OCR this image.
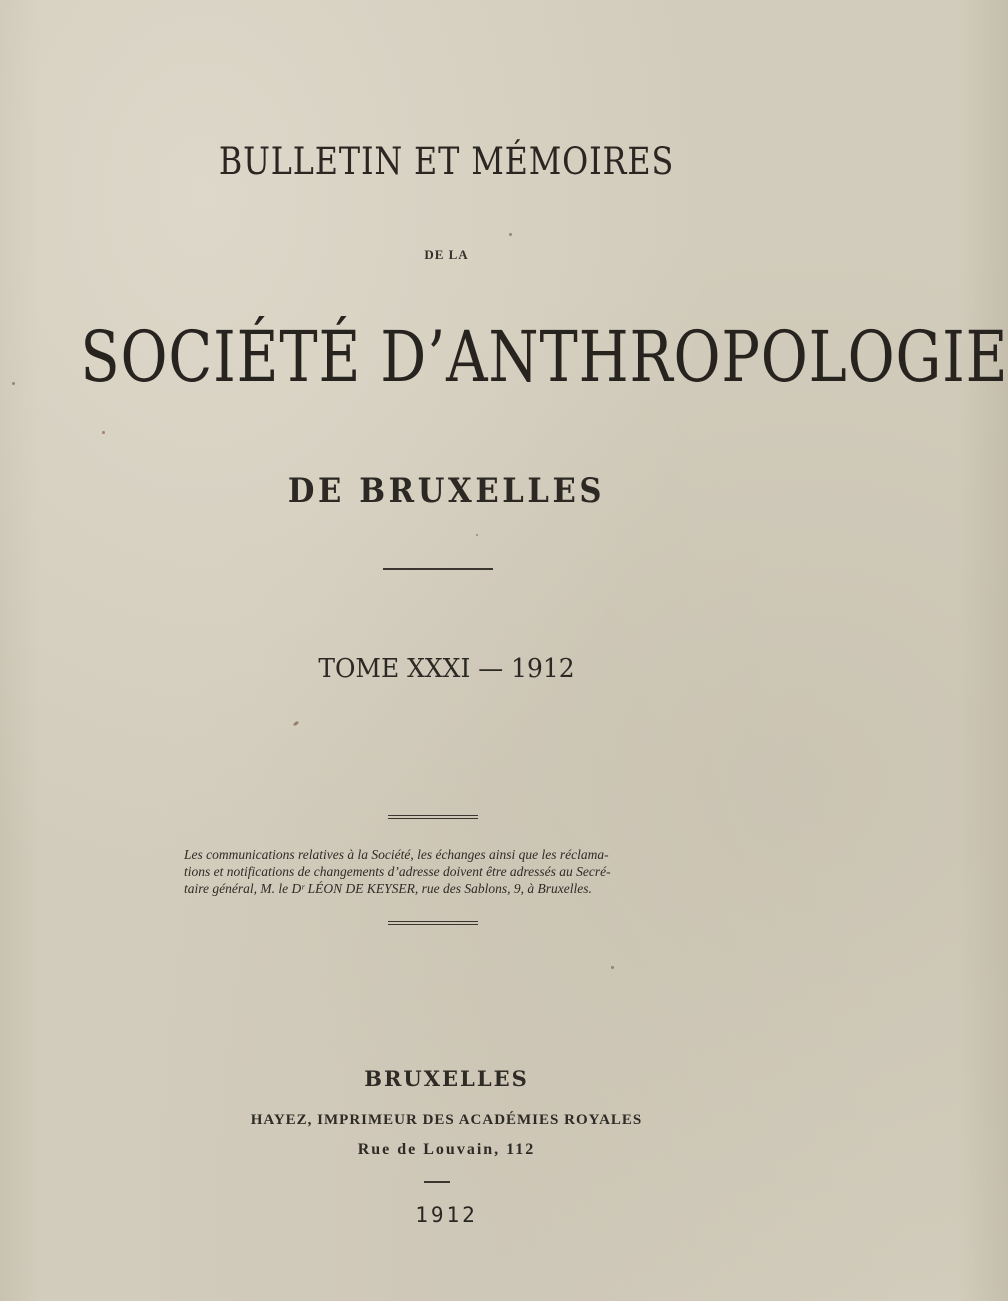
BULLETIN ET MÉMOIRES
DE LA
SOCIÉTÉ D’ANTHROPOLOGIE
DE BRUXELLES
TOME XXXI — 1912
Les communications relatives à la Société, les échanges ainsi que les réclama-
tions et notifications de changements d’adresse doivent être adressés au Secré-
taire général, M. le Dʳ LÉON DE KEYSER, rue des Sablons, 9, à Bruxelles.
BRUXELLES
HAYEZ, IMPRIMEUR DES ACADÉMIES ROYALES
Rue de Louvain, 112
1912
